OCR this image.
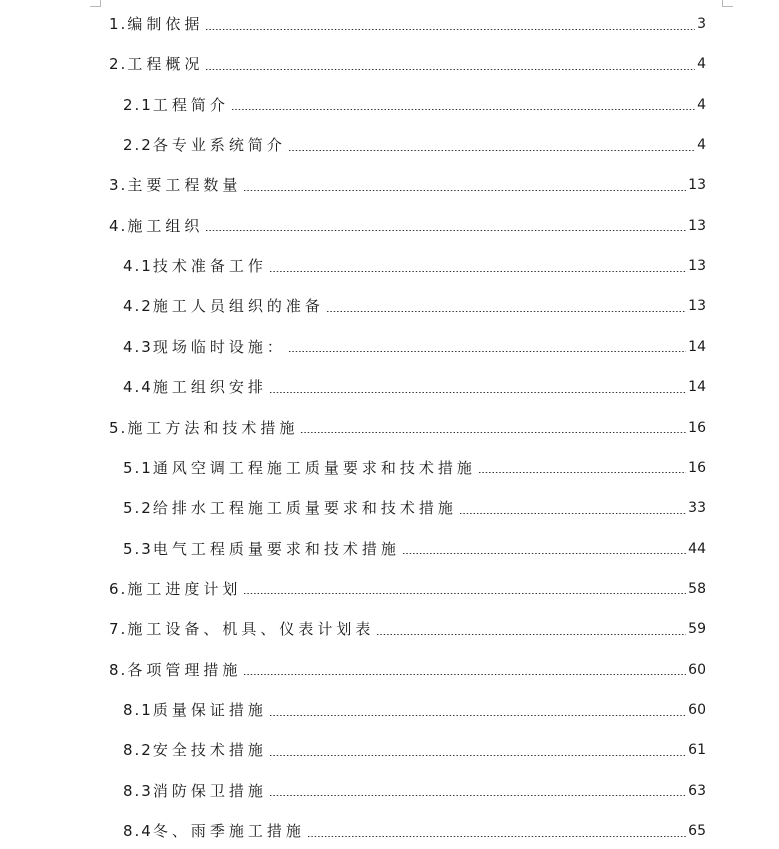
1. 编制依据	3
2. 工程概况	4
2.1 工程简介	4
2.2 各专业系统简介	4
3. 主要工程数量	13
4. 施工组织	13
4.1 技术准备工作	13
4.2 施工人员组织的准备	13
4.3 现场临时设施：	14
4.4 施工组织安排	14
5. 施工方法和技术措施	16
5.1 通风空调工程施工质量要求和技术措施	16
5.2 给排水工程施工质量要求和技术措施	33
5.3 电气工程质量要求和技术措施	44
6. 施工进度计划	58
7. 施工设备、机具、仪表计划表	59
8. 各项管理措施	60
8.1 质量保证措施	60
8.2 安全技术措施	61
8.3 消防保卫措施	63
8.4 冬、雨季施工措施	65
